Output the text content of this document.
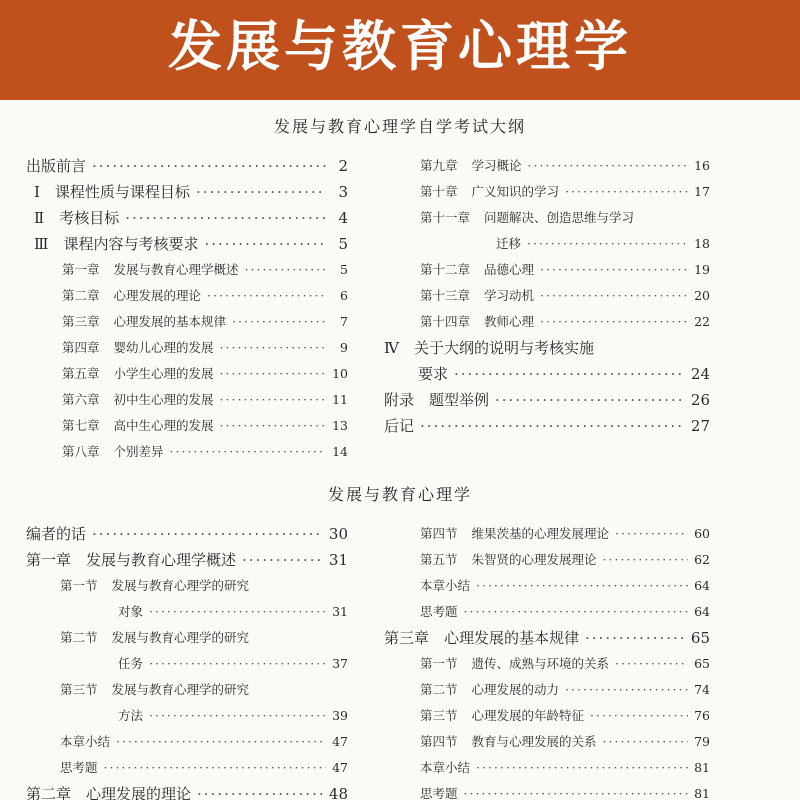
发展与教育心理学
发展与教育心理学自学考试大纲
出版前言 ·····	2
Ⅰ　课程性质与课程目标 ·····	3
Ⅱ　考核目标 ·····	4
Ⅲ　课程内容与考核要求 ·····	5
第一章 发展与教育心理学概述 ·····	5
第二章 心理发展的理论 ·····	6
第三章 心理发展的基本规律 ·····	7
第四章 婴幼儿心理的发展 ·····	9
第五章 小学生心理的发展 ·····	10
第六章 初中生心理的发展 ·····	11
第七章 高中生心理的发展 ·····	13
第八章 个别差异 ·····	14
第九章 学习概论 ·····	16
第十章 广义知识的学习 ·····	17
第十一章 问题解决、创造思维与学习
迁移 ·····	18
第十二章 品德心理 ·····	19
第十三章 学习动机 ·····	20
第十四章 教师心理 ·····	22
Ⅳ　关于大纲的说明与考核实施
要求 ·····	24
附录　题型举例 ·····	26
后记 ·····	27
发展与教育心理学
编者的话 ·····	30
第一章　发展与教育心理学概述 ·····	31
第一节 发展与教育心理学的研究
对象 ·····	31
第二节 发展与教育心理学的研究
任务 ·····	37
第三节 发展与教育心理学的研究
方法 ·····	39
本章小结 ·····	47
思考题 ·····	47
第二章　心理发展的理论 ·····	48
第四节 维果茨基的心理发展理论 ·····	60
第五节 朱智贤的心理发展理论 ·····	62
本章小结 ·····	64
思考题 ·····	64
第三章　心理发展的基本规律 ·····	65
第一节 遗传、成熟与环境的关系 ·····	65
第二节 心理发展的动力 ·····	74
第三节 心理发展的年龄特征 ·····	76
第四节 教育与心理发展的关系 ·····	79
本章小结 ·····	81
思考题 ·····	81
